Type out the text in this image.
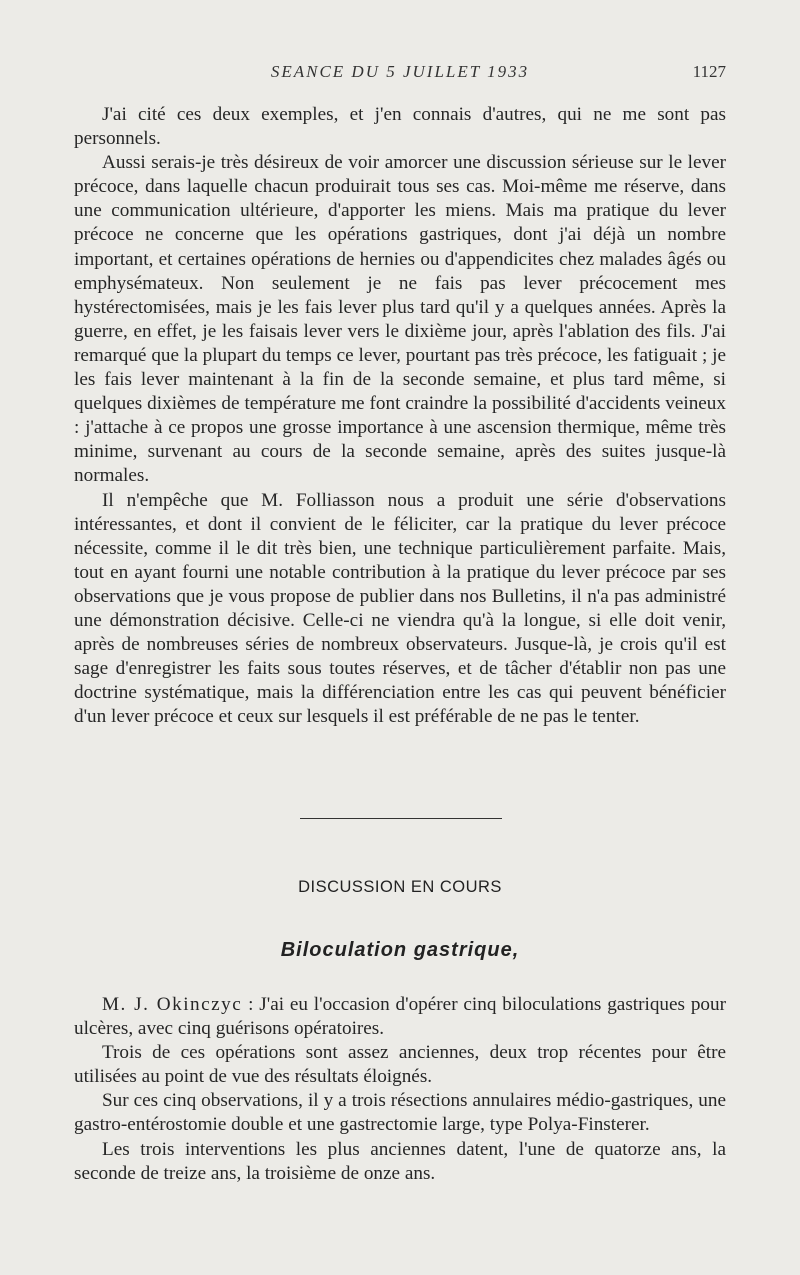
SEANCE DU 5 JUILLET 1933	1127

J'ai cité ces deux exemples, et j'en connais d'autres, qui ne me sont pas personnels.

Aussi serais-je très désireux de voir amorcer une discussion sérieuse sur le lever précoce, dans laquelle chacun produirait tous ses cas. Moi-même me réserve, dans une communication ultérieure, d'apporter les miens. Mais ma pratique du lever précoce ne concerne que les opérations gastriques, dont j'ai déjà un nombre important, et certaines opérations de hernies ou d'appendicites chez malades âgés ou emphysémateux. Non seulement je ne fais pas lever précocement mes hystérectomisées, mais je les fais lever plus tard qu'il y a quelques années. Après la guerre, en effet, je les faisais lever vers le dixième jour, après l'ablation des fils. J'ai remarqué que la plupart du temps ce lever, pourtant pas très précoce, les fatiguait ; je les fais lever maintenant à la fin de la seconde semaine, et plus tard même, si quelques dixièmes de température me font craindre la possibilité d'accidents veineux : j'attache à ce propos une grosse importance à une ascension thermique, même très minime, survenant au cours de la seconde semaine, après des suites jusque-là normales.

Il n'empêche que M. Folliasson nous a produit une série d'observations intéressantes, et dont il convient de le féliciter, car la pratique du lever précoce nécessite, comme il le dit très bien, une technique particulièrement parfaite. Mais, tout en ayant fourni une notable contribution à la pratique du lever précoce par ses observations que je vous propose de publier dans nos Bulletins, il n'a pas administré une démonstration décisive. Celle-ci ne viendra qu'à la longue, si elle doit venir, après de nombreuses séries de nombreux observateurs. Jusque-là, je crois qu'il est sage d'enregistrer les faits sous toutes réserves, et de tâcher d'établir non pas une doctrine systématique, mais la différenciation entre les cas qui peuvent bénéficier d'un lever précoce et ceux sur lesquels il est préférable de ne pas le tenter.

DISCUSSION EN COURS
Biloculation gastrique,

M. J. Okinczyc : J'ai eu l'occasion d'opérer cinq biloculations gastriques pour ulcères, avec cinq guérisons opératoires.

Trois de ces opérations sont assez anciennes, deux trop récentes pour être utilisées au point de vue des résultats éloignés.

Sur ces cinq observations, il y a trois résections annulaires médio-gastriques, une gastro-entérostomie double et une gastrectomie large, type Polya-Finsterer.

Les trois interventions les plus anciennes datent, l'une de quatorze ans, la seconde de treize ans, la troisième de onze ans.
